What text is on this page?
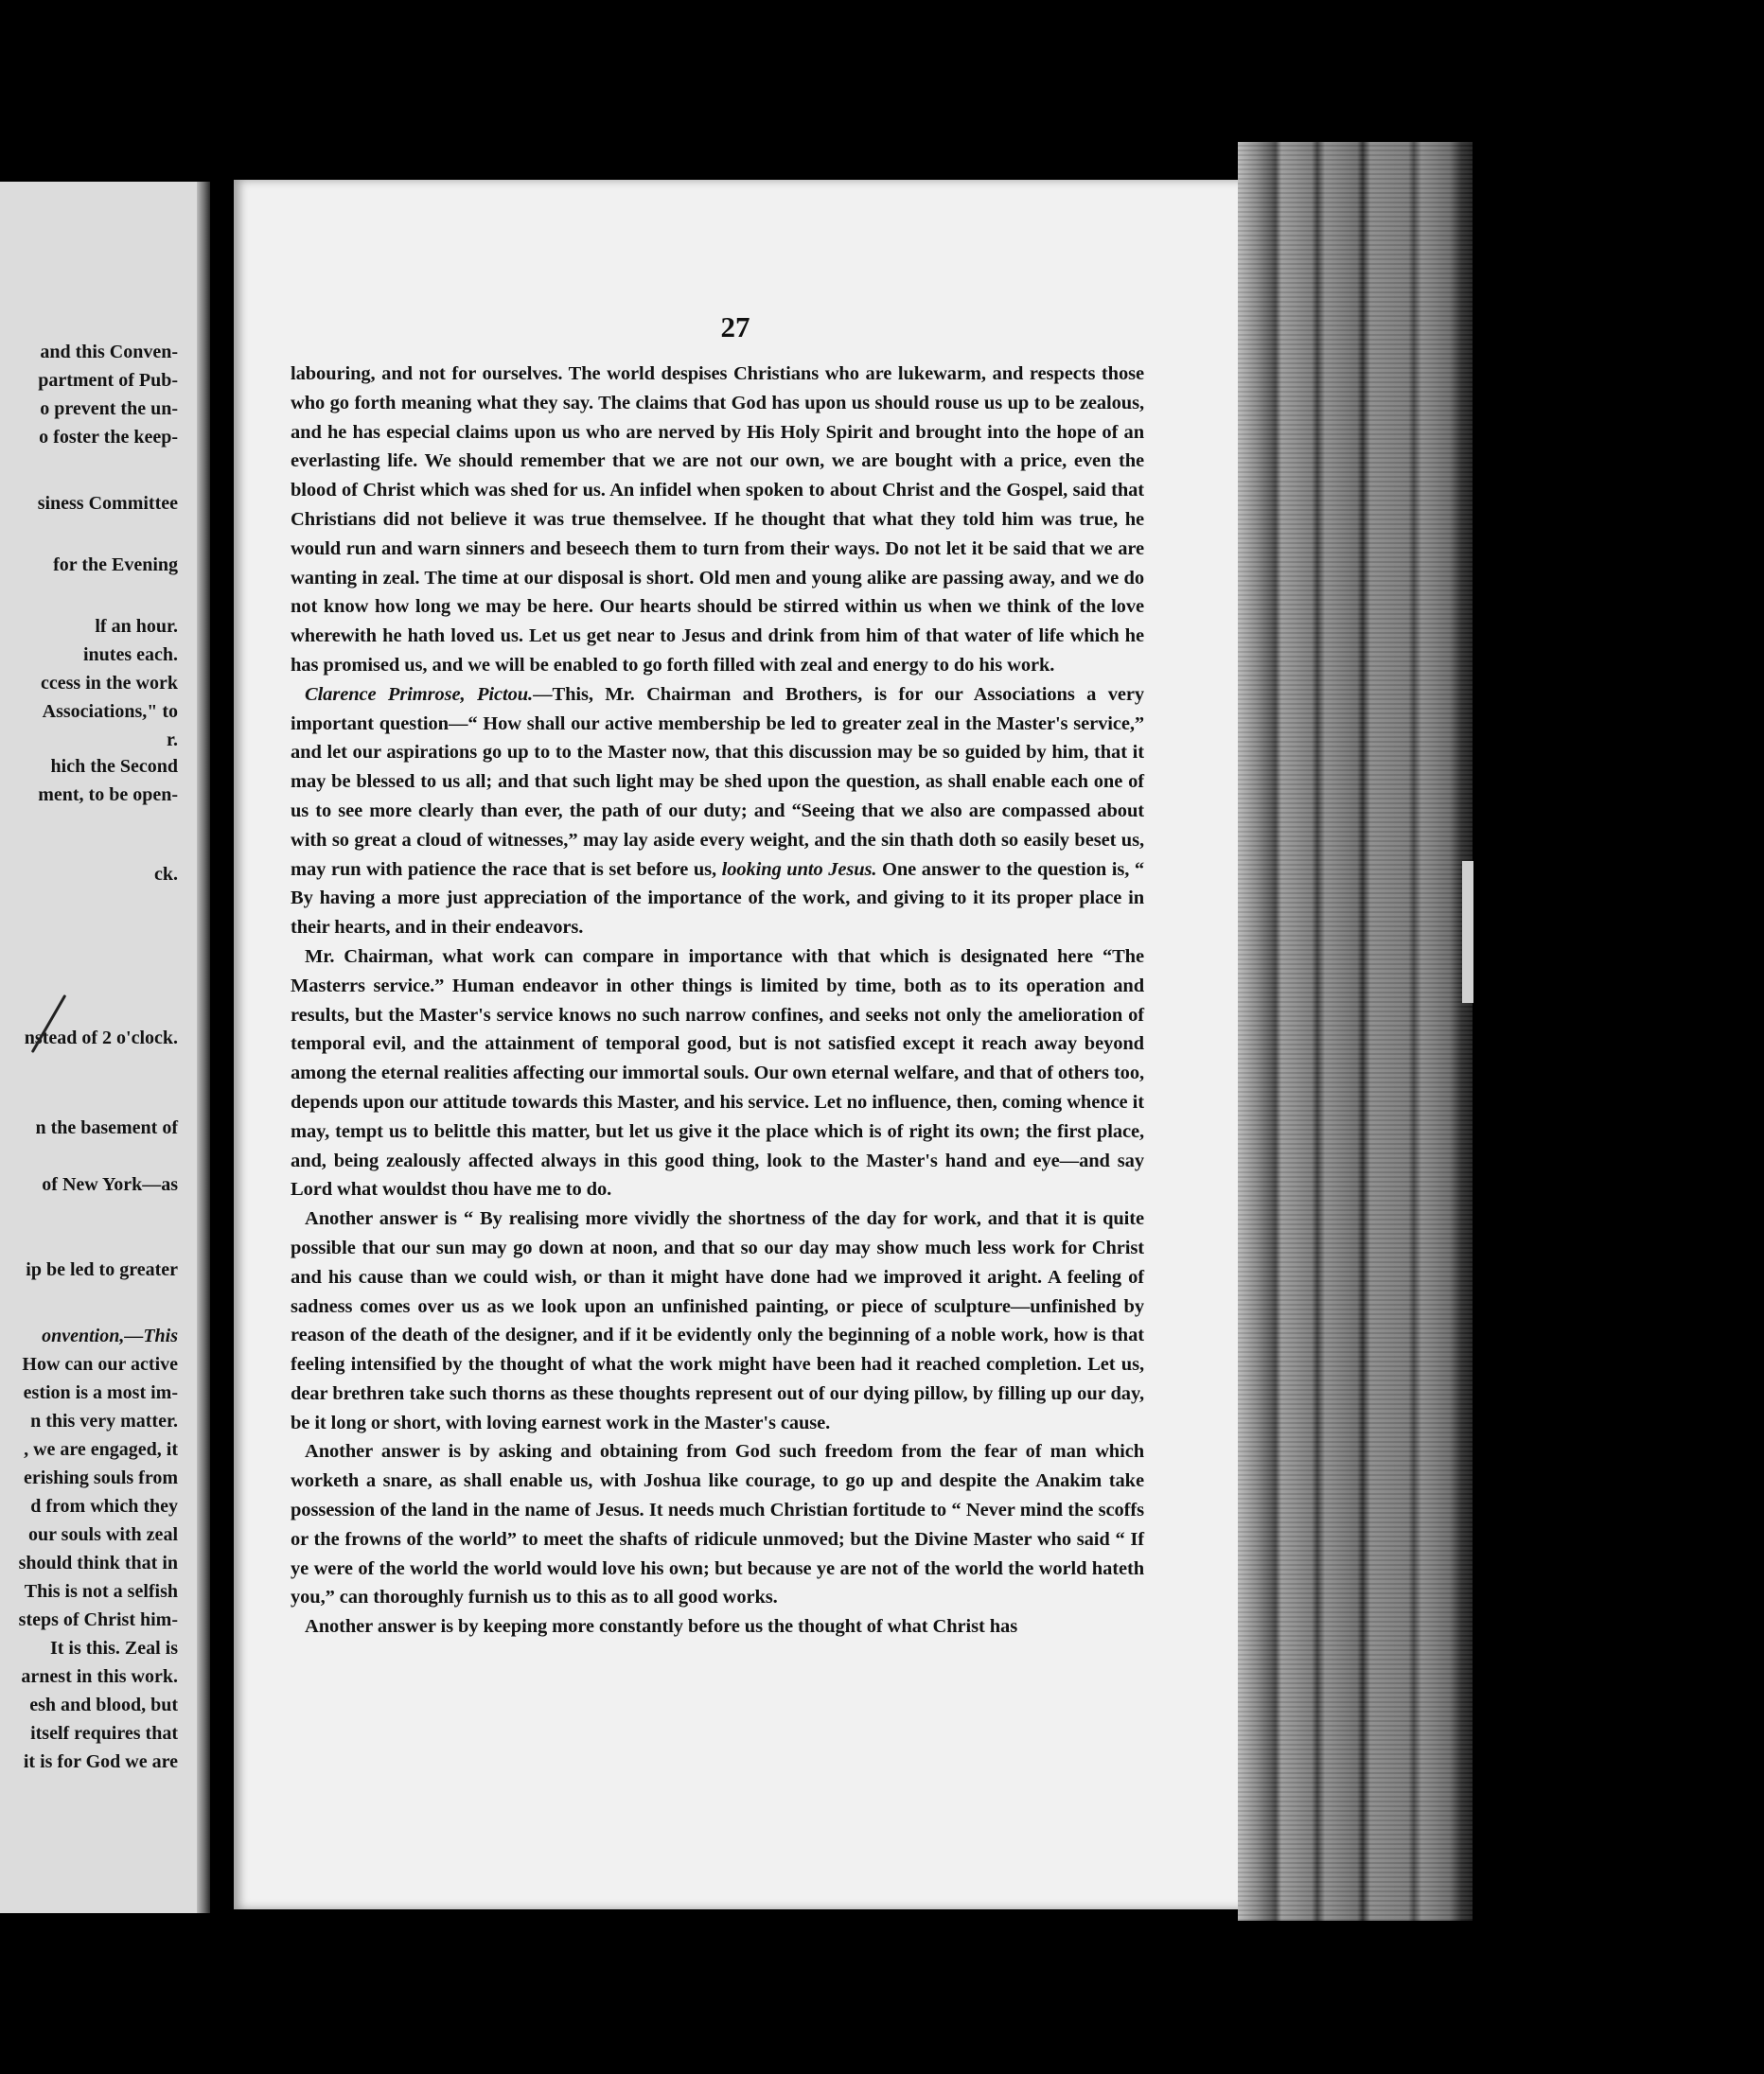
and this Conven-
partment of Pub-
o prevent the un-
o foster the keep-
siness Committee
for the Evening
lf an hour.
inutes each.
ccess in the work
Associations," to
r.
hich the Second
ment, to be open-
ck.
nstead of 2 o'clock.
n the basement of
of New York—as
ip be led to greater
onvention,—This
How can our active
estion is a most im-
n this very matter.
, we are engaged, it
erishing souls from
d from which they
our souls with zeal
should think that in
This is not a selfish
steps of Christ him-
It is this. Zeal is
arnest in this work.
esh and blood, but
itself requires that
it is for God we are
27

labouring, and not for ourselves. The world despises Christians who are lukewarm, and respects those who go forth meaning what they say. The claims that God has upon us should rouse us up to be zealous, and he has especial claims upon us who are nerved by His Holy Spirit and brought into the hope of an everlasting life. We should remember that we are not our own, we are bought with a price, even the blood of Christ which was shed for us. An infidel when spoken to about Christ and the Gospel, said that Christians did not believe it was true themselvee. If he thought that what they told him was true, he would run and warn sinners and beseech them to turn from their ways. Do not let it be said that we are wanting in zeal. The time at our disposal is short. Old men and young alike are passing away, and we do not know how long we may be here. Our hearts should be stirred within us when we think of the love wherewith he hath loved us. Let us get near to Jesus and drink from him of that water of life which he has promised us, and we will be enabled to go forth filled with zeal and energy to do his work.

Clarence Primrose, Pictou.—This, Mr. Chairman and Brothers, is for our Associations a very important question—“ How shall our active membership be led to greater zeal in the Master's service,” and let our aspirations go up to to the Master now, that this discussion may be so guided by him, that it may be blessed to us all; and that such light may be shed upon the question, as shall enable each one of us to see more clearly than ever, the path of our duty; and “Seeing that we also are compassed about with so great a cloud of witnesses,” may lay aside every weight, and the sin thath doth so easily beset us, may run with patience the race that is set before us, looking unto Jesus. One answer to the question is, “ By having a more just appreciation of the importance of the work, and giving to it its proper place in their hearts, and in their endeavors.

Mr. Chairman, what work can compare in importance with that which is designated here “The Masterrs service.” Human endeavor in other things is limited by time, both as to its operation and results, but the Master's service knows no such narrow confines, and seeks not only the amelioration of temporal evil, and the attainment of temporal good, but is not satisfied except it reach away beyond among the eternal realities affecting our immortal souls. Our own eternal welfare, and that of others too, depends upon our attitude towards this Master, and his service. Let no influence, then, coming whence it may, tempt us to belittle this matter, but let us give it the place which is of right its own; the first place, and, being zealously affected always in this good thing, look to the Master's hand and eye—and say Lord what wouldst thou have me to do.

Another answer is “ By realising more vividly the shortness of the day for work, and that it is quite possible that our sun may go down at noon, and that so our day may show much less work for Christ and his cause than we could wish, or than it might have done had we improved it aright. A feeling of sadness comes over us as we look upon an unfinished painting, or piece of sculpture—unfinished by reason of the death of the designer, and if it be evidently only the beginning of a noble work, how is that feeling intensified by the thought of what the work might have been had it reached completion. Let us, dear brethren take such thorns as these thoughts represent out of our dying pillow, by filling up our day, be it long or short, with loving earnest work in the Master's cause.

Another answer is by asking and obtaining from God such freedom from the fear of man which worketh a snare, as shall enable us, with Joshua like courage, to go up and despite the Anakim take possession of the land in the name of Jesus. It needs much Christian fortitude to “ Never mind the scoffs or the frowns of the world” to meet the shafts of ridicule unmoved; but the Divine Master who said “ If ye were of the world the world would love his own; but because ye are not of the world the world hateth you,” can thoroughly furnish us to this as to all good works.

Another answer is by keeping more constantly before us the thought of what Christ has
